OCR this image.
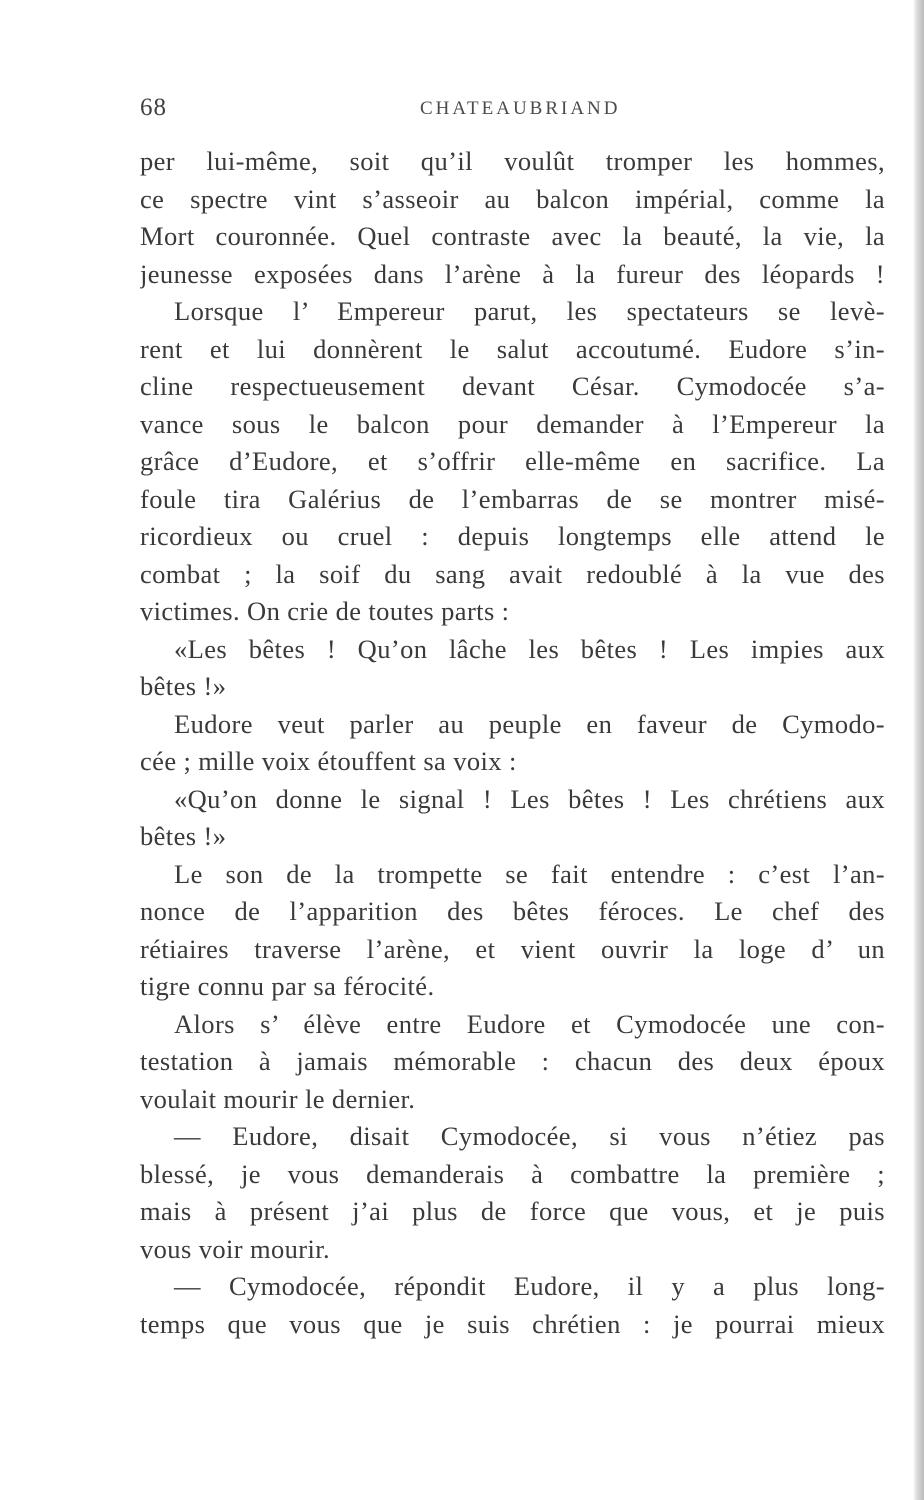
68	CHATEAUBRIAND
per lui-même, soit qu’il voulût tromper les hommes,
ce spectre vint s’asseoir au balcon impérial, comme la
Mort couronnée. Quel contraste avec la beauté, la vie, la
jeunesse exposées dans l’arène à la fureur des léopards !
Lorsque l’ Empereur parut, les spectateurs se levè-
rent et lui donnèrent le salut accoutumé. Eudore s’in-
cline respectueusement devant César. Cymodocée s’a-
vance sous le balcon pour demander à l’Empereur la
grâce d’Eudore, et s’offrir elle-même en sacrifice. La
foule tira Galérius de l’embarras de se montrer misé-
ricordieux ou cruel : depuis longtemps elle attend le
combat ; la soif du sang avait redoublé à la vue des
victimes. On crie de toutes parts :
«Les bêtes ! Qu’on lâche les bêtes ! Les impies aux
bêtes !»
Eudore veut parler au peuple en faveur de Cymodo-
cée ; mille voix étouffent sa voix :
«Qu’on donne le signal ! Les bêtes ! Les chrétiens aux
bêtes !»
Le son de la trompette se fait entendre : c’est l’an-
nonce de l’apparition des bêtes féroces. Le chef des
rétiaires traverse l’arène, et vient ouvrir la loge d’ un
tigre connu par sa férocité.
Alors s’ élève entre Eudore et Cymodocée une con-
testation à jamais mémorable : chacun des deux époux
voulait mourir le dernier.
— Eudore, disait Cymodocée, si vous n’étiez pas
blessé, je vous demanderais à combattre la première ;
mais à présent j’ai plus de force que vous, et je puis
vous voir mourir.
— Cymodocée, répondit Eudore, il y a plus long-
temps que vous que je suis chrétien : je pourrai mieux
